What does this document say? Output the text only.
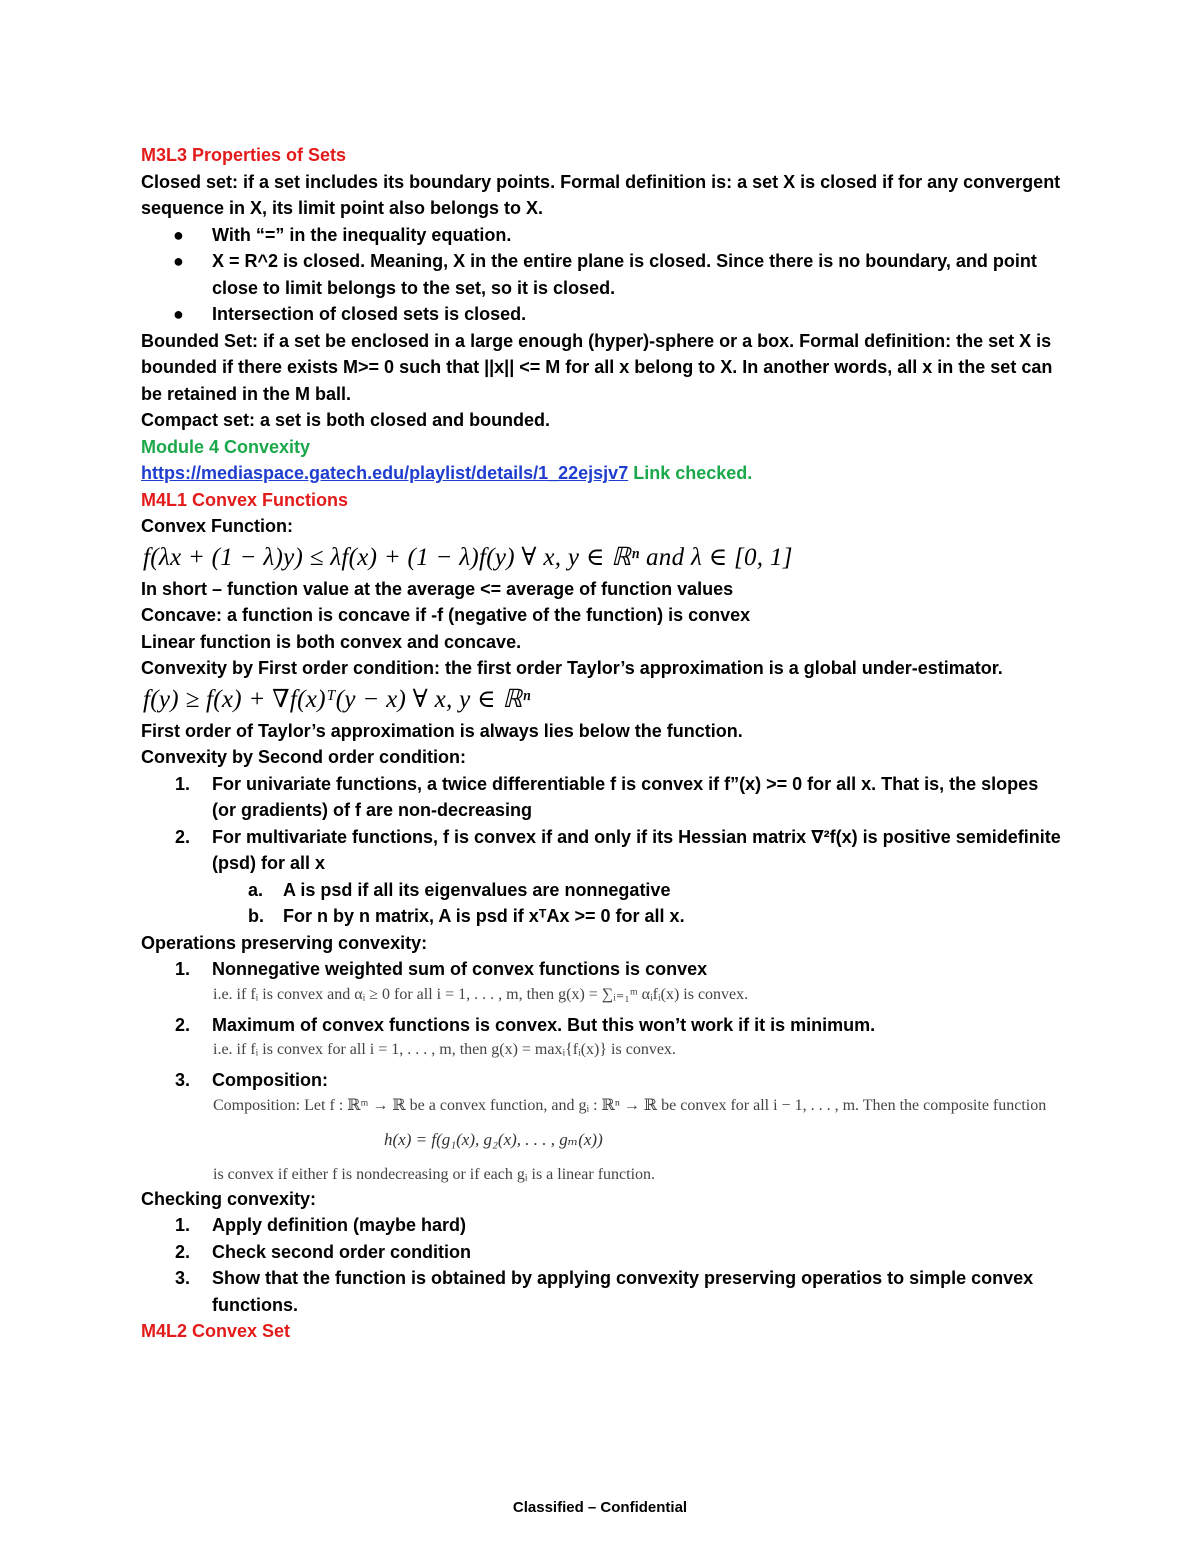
M3L3 Properties of Sets
Closed set: if a set includes its boundary points. Formal definition is: a set X is closed if for any convergent sequence in X, its limit point also belongs to X.
● With “=” in the inequality equation.
● X = R^2 is closed. Meaning, X in the entire plane is closed. Since there is no boundary, and point close to limit belongs to the set, so it is closed.
● Intersection of closed sets is closed.
Bounded Set: if a set be enclosed in a large enough (hyper)-sphere or a box. Formal definition: the set X is bounded if there exists M>= 0 such that ||x|| <= M for all x belong to X. In another words, all x in the set can be retained in the M ball.
Compact set: a set is both closed and bounded.
Module 4 Convexity
https://mediaspace.gatech.edu/playlist/details/1_22ejsjv7 Link checked.
M4L1 Convex Functions
Convex Function:
f(λx + (1 − λ)y) ≤ λf(x) + (1 − λ)f(y) ∀ x, y ∈ ℝⁿ and λ ∈ [0, 1]
In short – function value at the average <= average of function values
Concave: a function is concave if -f (negative of the function) is convex
Linear function is both convex and concave.
Convexity by First order condition: the first order Taylor’s approximation is a global under-estimator.
f(y) ≥ f(x) + ∇f(x)ᵀ(y − x) ∀ x, y ∈ ℝⁿ
First order of Taylor’s approximation is always lies below the function.
Convexity by Second order condition:
1. For univariate functions, a twice differentiable f is convex if f”(x) >= 0 for all x. That is, the slopes (or gradients) of f are non-decreasing
2. For multivariate functions, f is convex if and only if its Hessian matrix ∇²f(x) is positive semidefinite (psd) for all x
a. A is psd if all its eigenvalues are nonnegative
b. For n by n matrix, A is psd if xᵀAx >= 0 for all x.
Operations preserving convexity:
1. Nonnegative weighted sum of convex functions is convex
i.e. if fᵢ is convex and αᵢ ≥ 0 for all i = 1, . . . , m, then g(x) = ∑ᵢ₌₁ᵐ αᵢfᵢ(x) is convex.
2. Maximum of convex functions is convex. But this won’t work if it is minimum.
i.e. if fᵢ is convex for all i = 1, . . . , m, then g(x) = maxᵢ{fᵢ(x)} is convex.
3. Composition:
Composition: Let f : ℝᵐ → ℝ be a convex function, and gᵢ : ℝⁿ → ℝ be convex for all i − 1, . . . , m. Then the composite function
h(x) = f(g₁(x), g₂(x), . . . , gₘ(x))
is convex if either f is nondecreasing or if each gᵢ is a linear function.
Checking convexity:
1. Apply definition (maybe hard)
2. Check second order condition
3. Show that the function is obtained by applying convexity preserving operatios to simple convex functions.
M4L2 Convex Set
Classified – Confidential
